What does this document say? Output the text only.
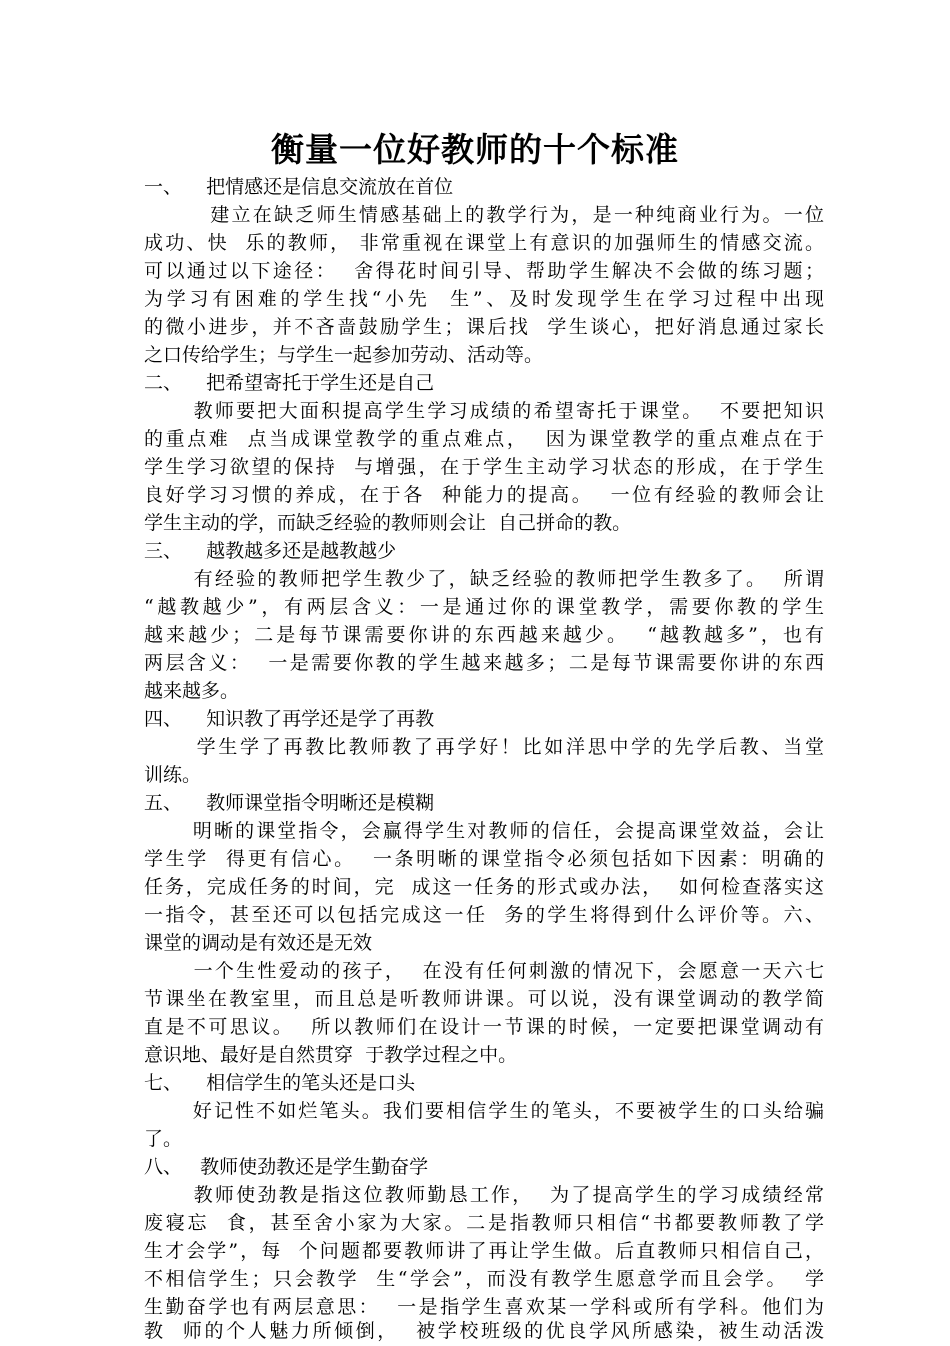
衡量一位好教师的十个标准
一、    把情感还是信息交流放在首位
建立在缺乏师生情感基础上的教学行为，是一种纯商业行为。一位
成功、快  乐的教师， 非常重视在课堂上有意识的加强师生的情感交流。
可以通过以下途径：  舍得花时间引导、帮助学生解决不会做的练习题；
为学习有困难的学生找“小先  生”、及时发现学生在学习过程中出现
的微小进步，并不吝啬鼓励学生；课后找  学生谈心，把好消息通过家长
之口传给学生；与学生一起参加劳动、活动等。
二、    把希望寄托于学生还是自己
教师要把大面积提高学生学习成绩的希望寄托于课堂。  不要把知识
的重点难  点当成课堂教学的重点难点，  因为课堂教学的重点难点在于
学生学习欲望的保持  与增强，在于学生主动学习状态的形成，在于学生
良好学习习惯的养成，在于各  种能力的提高。  一位有经验的教师会让
学生主动的学，而缺乏经验的教师则会让  自己拼命的教。
三、    越教越多还是越教越少
有经验的教师把学生教少了，缺乏经验的教师把学生教多了。  所谓
“越教越少”，有两层含义：一是通过你的课堂教学，需要你教的学生
越来越少；二是每节课需要你讲的东西越来越少。  “越教越多”，也有
两层含义：  一是需要你教的学生越来越多；二是每节课需要你讲的东西
越来越多。
四、    知识教了再学还是学了再教
学生学了再教比教师教了再学好！比如洋思中学的先学后教、当堂
训练。
五、    教师课堂指令明晰还是模糊
明晰的课堂指令，会赢得学生对教师的信任，会提高课堂效益，会让
学生学  得更有信心。  一条明晰的课堂指令必须包括如下因素：明确的
任务，完成任务的时间，完  成这一任务的形式或办法，  如何检查落实这
一指令，甚至还可以包括完成这一任  务的学生将得到什么评价等。六、
课堂的调动是有效还是无效
一个生性爱动的孩子，  在没有任何刺激的情况下，会愿意一天六七
节课坐在教室里，而且总是听教师讲课。可以说，没有课堂调动的教学简
直是不可思议。  所以教师们在设计一节课的时候，一定要把课堂调动有
意识地、最好是自然贯穿  于教学过程之中。
七、    相信学生的笔头还是口头
好记性不如烂笔头。我们要相信学生的笔头，不要被学生的口头给骗
了。
八、   教师使劲教还是学生勤奋学
教师使劲教是指这位教师勤恳工作，  为了提高学生的学习成绩经常
废寝忘  食，甚至舍小家为大家。二是指教师只相信“书都要教师教了学
生才会学”，每  个问题都要教师讲了再让学生做。后直教师只相信自己，
不相信学生；只会教学  生“学会”，而没有教学生愿意学而且会学。  学
生勤奋学也有两层意思：  一是指学生喜欢某一学科或所有学科。他们为
教  师的个人魅力所倾倒，  被学校班级的优良学风所感染，被生动活泼
